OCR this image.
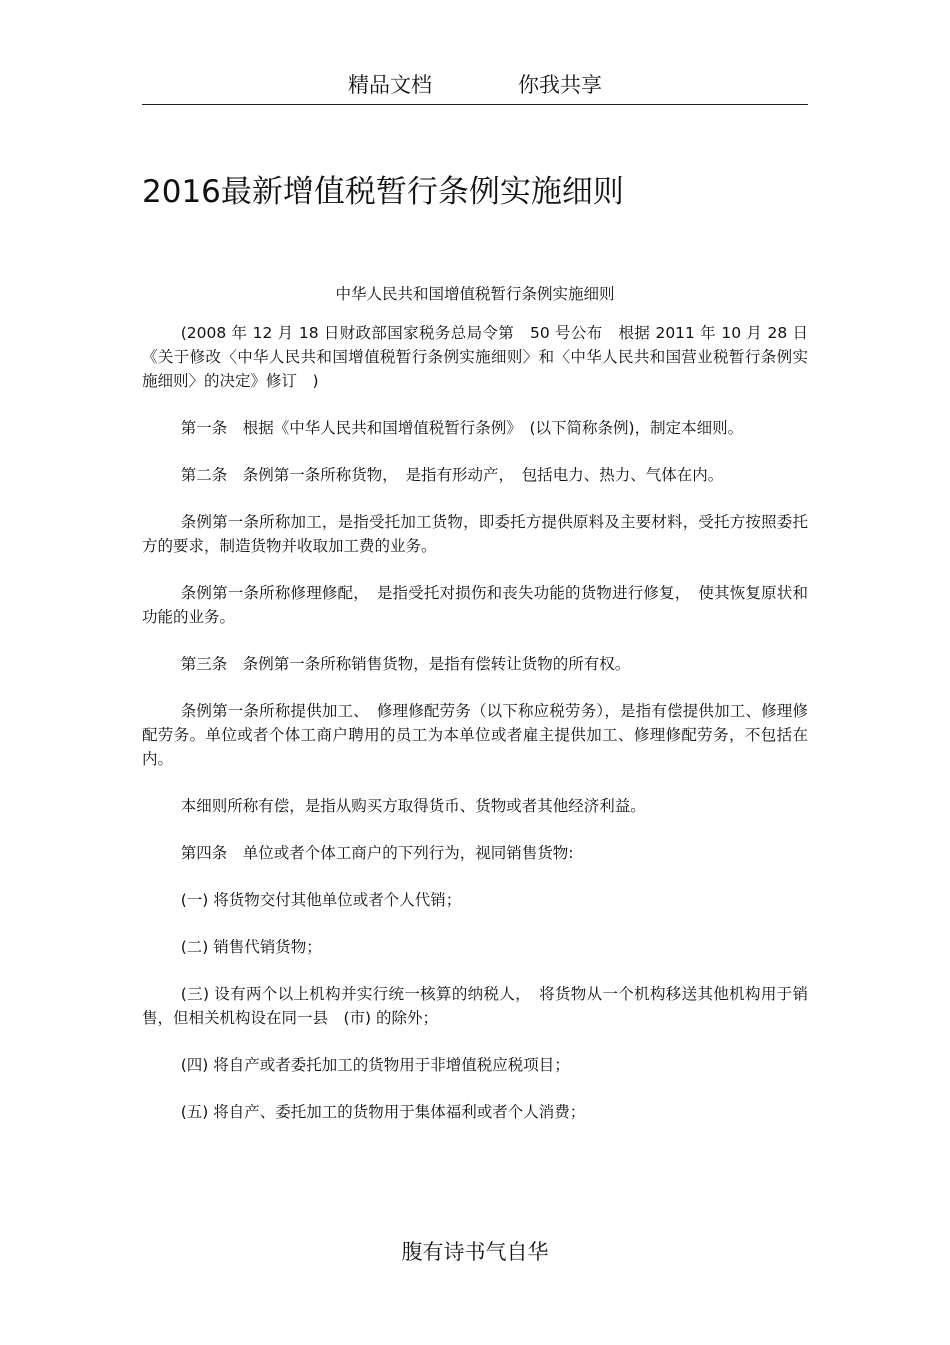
精品文档	你我共享
2016最新增值税暂行条例实施细则

中华人民共和国增值税暂行条例实施细则

(2008 年 12 月 18 日财政部国家税务总局令第　50 号公布　根据 2011 年 10 月 28 日《关于修改〈中华人民共和国增值税暂行条例实施细则〉和〈中华人民共和国营业税暂行条例实施细则〉的决定》修订　)

第一条　根据《中华人民共和国增值税暂行条例》　(以下简称条例)，制定本细则。

第二条　条例第一条所称货物，　是指有形动产，　包括电力、热力、气体在内。

条例第一条所称加工，是指受托加工货物，即委托方提供原料及主要材料，受托方按照委托方的要求，制造货物并收取加工费的业务。

条例第一条所称修理修配，　是指受托对损伤和丧失功能的货物进行修复，　使其恢复原状和功能的业务。

第三条　条例第一条所称销售货物，是指有偿转让货物的所有权。

条例第一条所称提供加工、　修理修配劳务（以下称应税劳务），是指有偿提供加工、修理修配劳务。单位或者个体工商户聘用的员工为本单位或者雇主提供加工、修理修配劳务，不包括在内。

本细则所称有偿，是指从购买方取得货币、货物或者其他经济利益。

第四条　单位或者个体工商户的下列行为，视同销售货物:

(一) 将货物交付其他单位或者个人代销；

(二) 销售代销货物；

(三) 设有两个以上机构并实行统一核算的纳税人，　将货物从一个机构移送其他机构用于销售，但相关机构设在同一县　(市) 的除外；

(四) 将自产或者委托加工的货物用于非增值税应税项目；

(五) 将自产、委托加工的货物用于集体福利或者个人消费；

腹有诗书气自华
